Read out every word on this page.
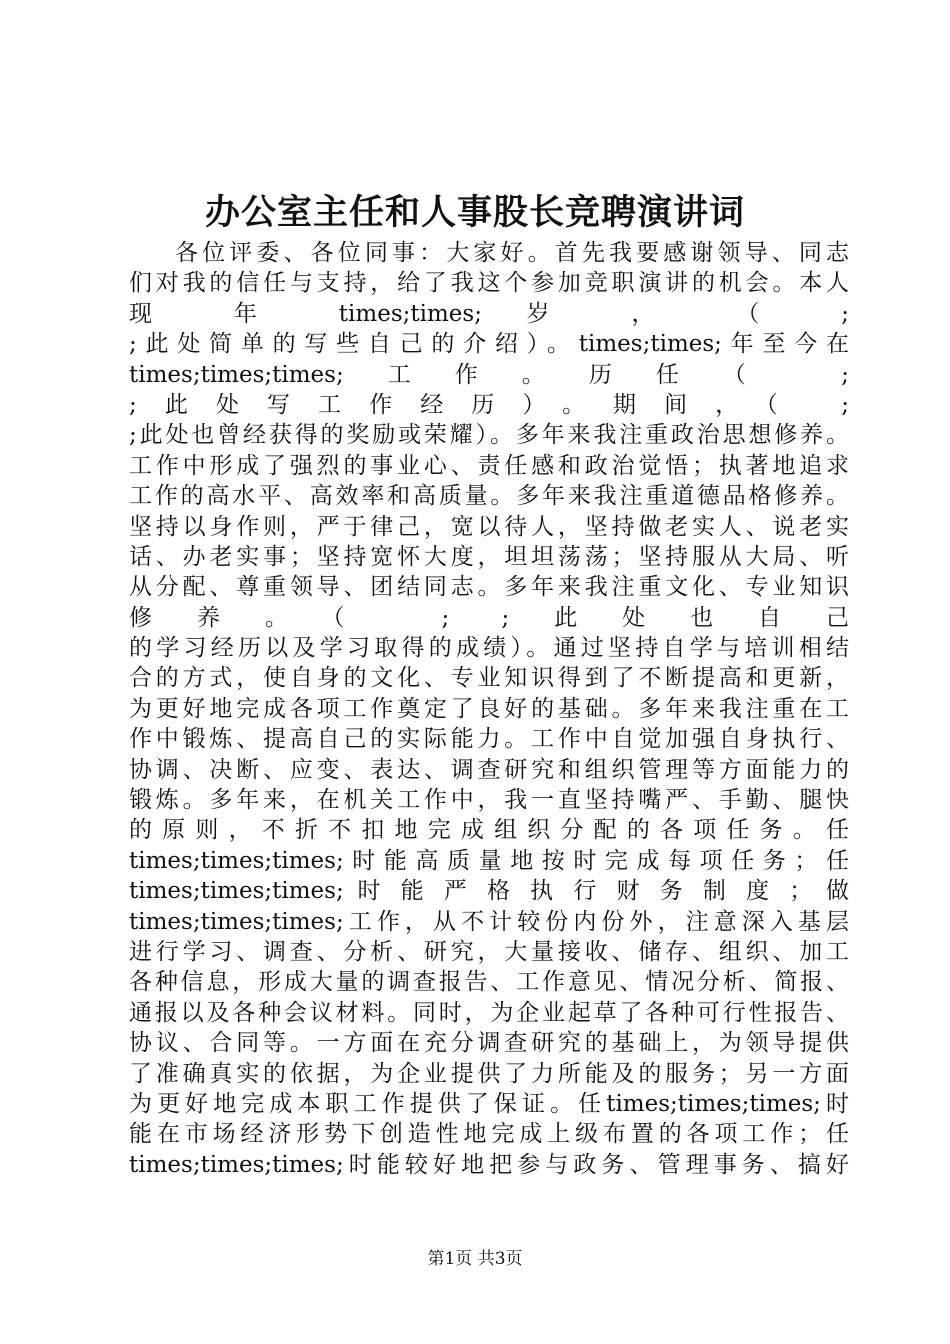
办公室主任和人事股长竞聘演讲词
各位评委、各位同事：大家好。首先我要感谢领导、同志
们对我的信任与支持，给了我这个参加竞职演讲的机会。本人
现 年 times;times; 岁 ， （ ;
;此处简单的写些自己的介绍）。times;times;年至今在
times;times;times;工作。历任（ ;
;此处写工作经历）。期间，（ ;
;此处也曾经获得的奖励或荣耀）。多年来我注重政治思想修养。
工作中形成了强烈的事业心、责任感和政治觉悟；执著地追求
工作的高水平、高效率和高质量。多年来我注重道德品格修养。
坚持以身作则，严于律己，宽以待人，坚持做老实人、说老实
话、办老实事；坚持宽怀大度，坦坦荡荡；坚持服从大局、听
从分配、尊重领导、团结同志。多年来我注重文化、专业知识
修养。（ ; ;此处也自己
的学习经历以及学习取得的成绩）。通过坚持自学与培训相结
合的方式，使自身的文化、专业知识得到了不断提高和更新，
为更好地完成各项工作奠定了良好的基础。多年来我注重在工
作中锻炼、提高自己的实际能力。工作中自觉加强自身执行、
协调、决断、应变、表达、调查研究和组织管理等方面能力的
锻炼。多年来，在机关工作中，我一直坚持嘴严、手勤、腿快
的原则，不折不扣地完成组织分配的各项任务。任
times;times;times;时能高质量地按时完成每项任务；任
times;times;times; 时 能 严 格 执 行 财 务 制 度 ； 做
times;times;times;工作，从不计较份内份外，注意深入基层
进行学习、调查、分析、研究，大量接收、储存、组织、加工
各种信息，形成大量的调查报告、工作意见、情况分析、简报、
通报以及各种会议材料。同时，为企业起草了各种可行性报告、
协议、合同等。一方面在充分调查研究的基础上，为领导提供
了准确真实的依据，为企业提供了力所能及的服务；另一方面
为更好地完成本职工作提供了保证。任times;times;times;时
能在市场经济形势下创造性地完成上级布置的各项工作；任
times;times;times;时能较好地把参与政务、管理事务、搞好
第1页 共3页
